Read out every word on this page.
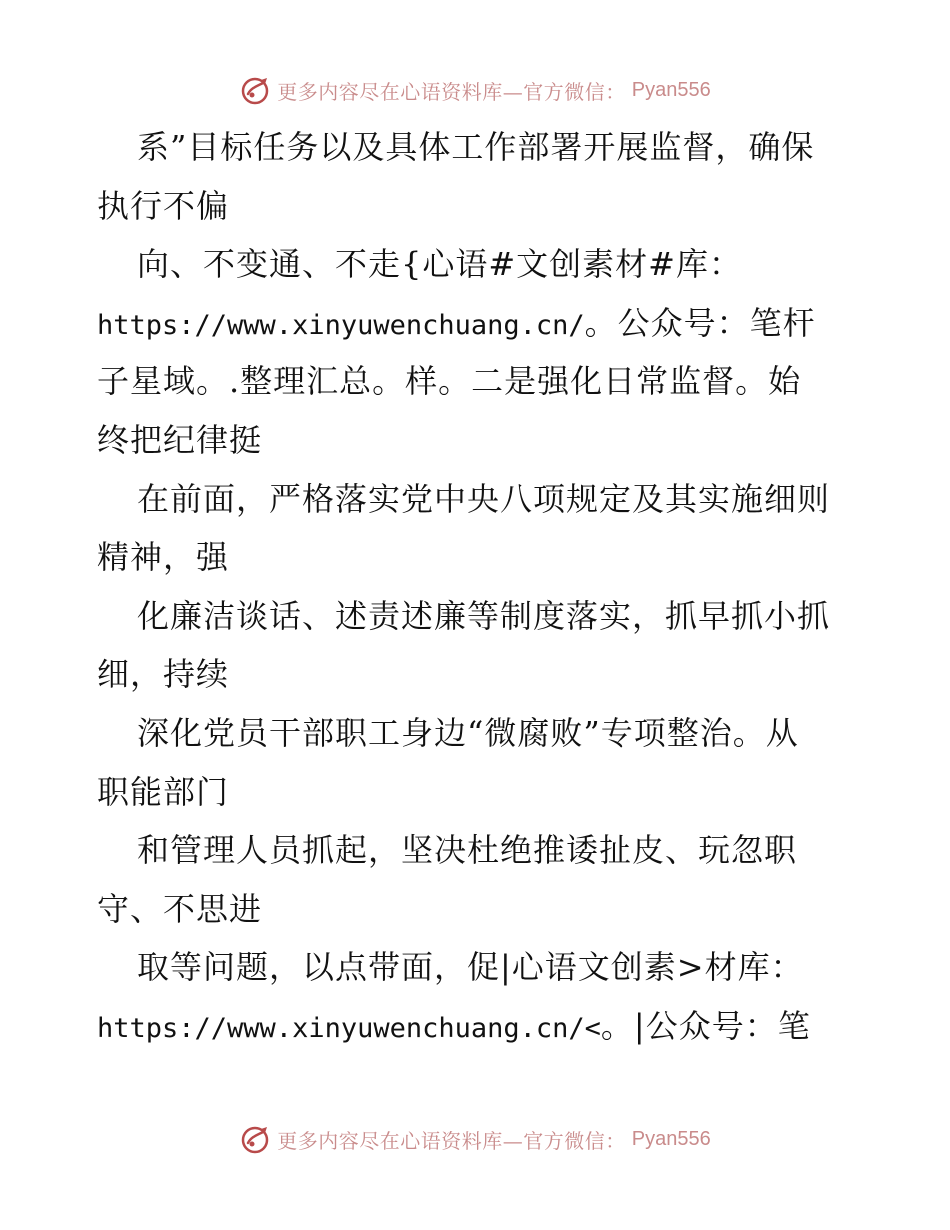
更多内容尽在心语资料库—官方微信： Pyan556
系”目标任务以及具体工作部署开展监督，确保
执行不偏
向、不变通、不走{心语#文创素材#库：
https://www.xinyuwenchuang.cn/。公众号：笔杆
子星域。.整理汇总。样。二是强化日常监督。始
终把纪律挺
在前面，严格落实党中央八项规定及其实施细则
精神，强
化廉洁谈话、述责述廉等制度落实，抓早抓小抓
细，持续
深化党员干部职工身边“微腐败”专项整治。从
职能部门
和管理人员抓起，坚决杜绝推诿扯皮、玩忽职
守、不思进
取等问题，以点带面，促|心语文创素>材库：
https://www.xinyuwenchuang.cn/<。|公众号：笔
更多内容尽在心语资料库—官方微信： Pyan556
